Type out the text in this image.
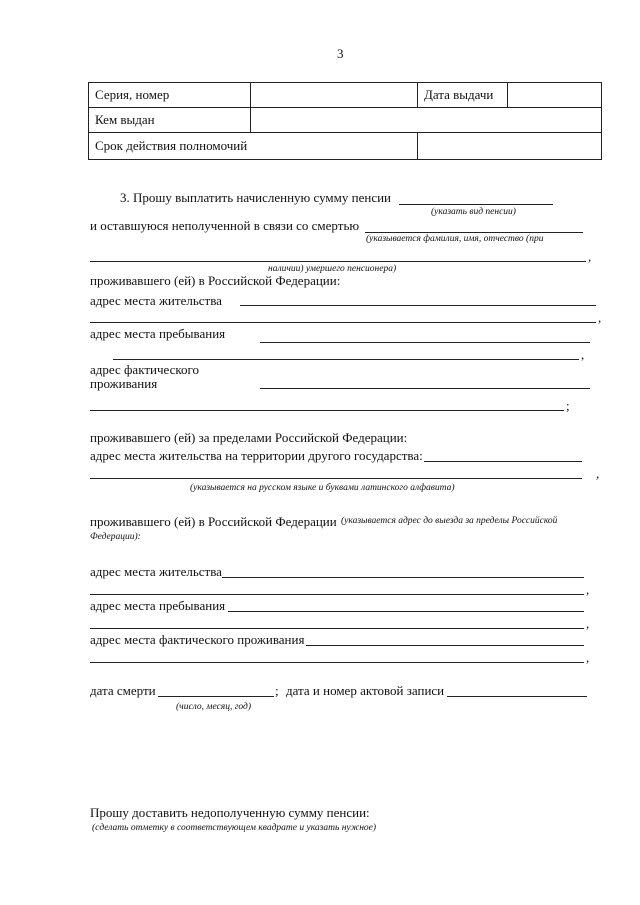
3
Серия, номер		Дата выдачи	
Кем выдан			
Срок действия полномочий			
3. Прошу выплатить начисленную сумму пенсии
(указать вид пенсии)
и оставшуюся неполученной в связи со смертью
(указывается фамилия, имя, отчество (при
,
наличии) умершего пенсионера)
проживавшего (ей) в Российской Федерации:
адрес места жительства
,
адрес места пребывания
,
адрес фактического
проживания
;
проживавшего (ей) за пределами Российской Федерации:
адрес места жительства на территории другого государства:
,
(указывается на русском языке и буквами латинского алфавита)
проживавшего (ей) в Российской Федерации (указывается адрес до выезда за пределы Российской
Федерации):
адрес места жительства
,
адрес места пребывания
,
адрес места фактического проживания
,
дата смерти	; дата и номер актовой записи
(число, месяц, год)
Прошу доставить недополученную сумму пенсии:
(сделать отметку в соответствующем квадрате и указать нужное)
